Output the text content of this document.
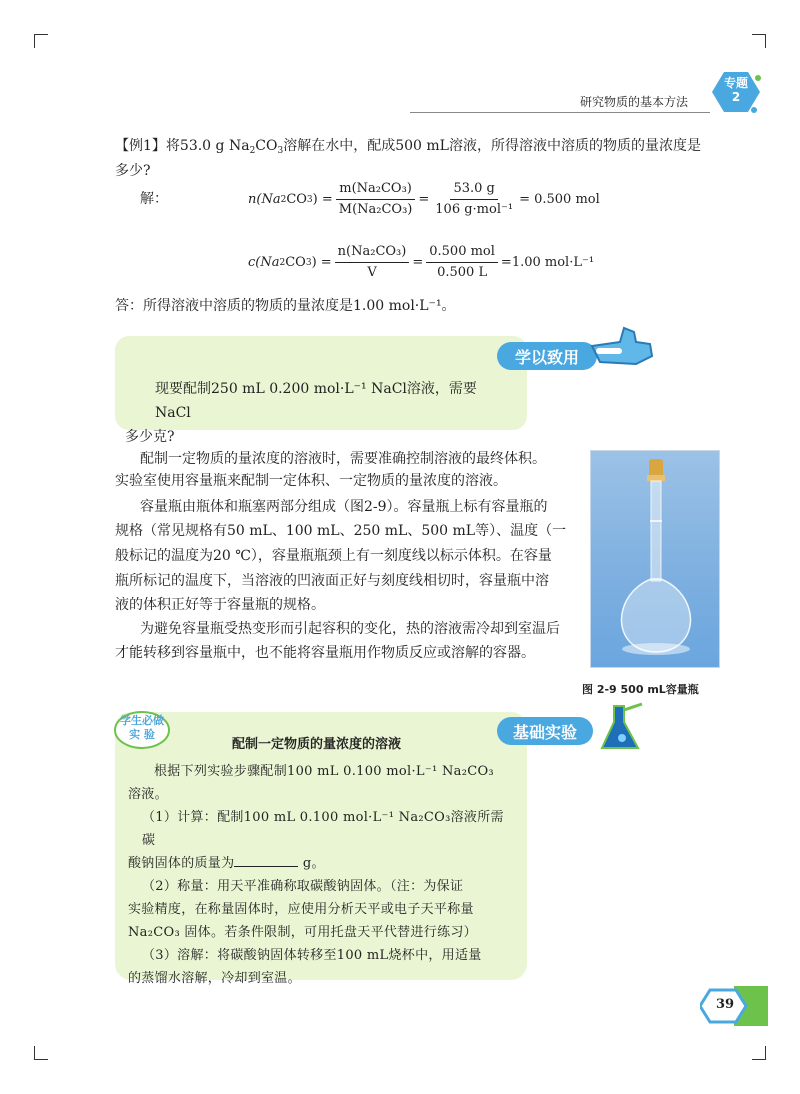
研究物质的基本方法
专题
2
【例1】将53.0 g $Na_2CO_3$溶解在水中，配成500 mL溶液，所得溶液中溶质的物质的量浓度是
多少?
解：	n(Na 2 CO 3 ) = $\frac{\text{m(Na₂CO₃)}}{\text{M(Na₂CO₃)}} = \frac{53.0 g}{\text{106 g·mol⁻¹}} = 0.500$ mol
c(Na 2 CO 3 ) = $\frac{\text{n(Na₂CO₃)}}{V} = \frac{\text{0.500 mol}}{0.500 L} =1.00$ mol·L⁻¹
答：所得溶液中溶质的物质的量浓度是1.00 mol·L⁻¹。
学以致用
现要配制250 mL 0.200 mol·L⁻¹ NaCl溶液，需要NaCl
多少克?
配制一定物质的量浓度的溶液时，需要准确控制溶液的最终体积。
实验室使用容量瓶来配制一定体积、一定物质的量浓度的溶液。
容量瓶由瓶体和瓶塞两部分组成（图2-9）。容量瓶上标有容量瓶的
规格（常见规格有50 mL、100 mL、250 mL、500 mL等）、温度（一
般标记的温度为20 ℃），容量瓶瓶颈上有一刻度线以标示体积。在容量
瓶所标记的温度下，当溶液的凹液面正好与刻度线相切时，容量瓶中溶
液的体积正好等于容量瓶的规格。
为避免容量瓶受热变形而引起容积的变化，热的溶液需冷却到室温后
才能转移到容量瓶中，也不能将容量瓶用作物质反应或溶解的容器。
图 2-9 500 mL容量瓶
学生必做
实 验	基础实验
配制一定物质的量浓度的溶液

根据下列实验步骤配制100 mL 0.100 mol·L⁻¹ Na₂CO₃

溶液。

（1）计算：配制100 mL 0.100 mol·L⁻¹ Na₂CO₃溶液所需碳

酸钠固体的质量为	g。

（2）称量：用天平准确称取碳酸钠固体。（注：为保证

实验精度，在称量固体时，应使用分析天平或电子天平称量

Na₂CO₃ 固体。若条件限制，可用托盘天平代替进行练习）

（3）溶解：将碳酸钠固体转移至100 mL烧杯中，用适量

的蒸馏水溶解，冷却到室温。

39
